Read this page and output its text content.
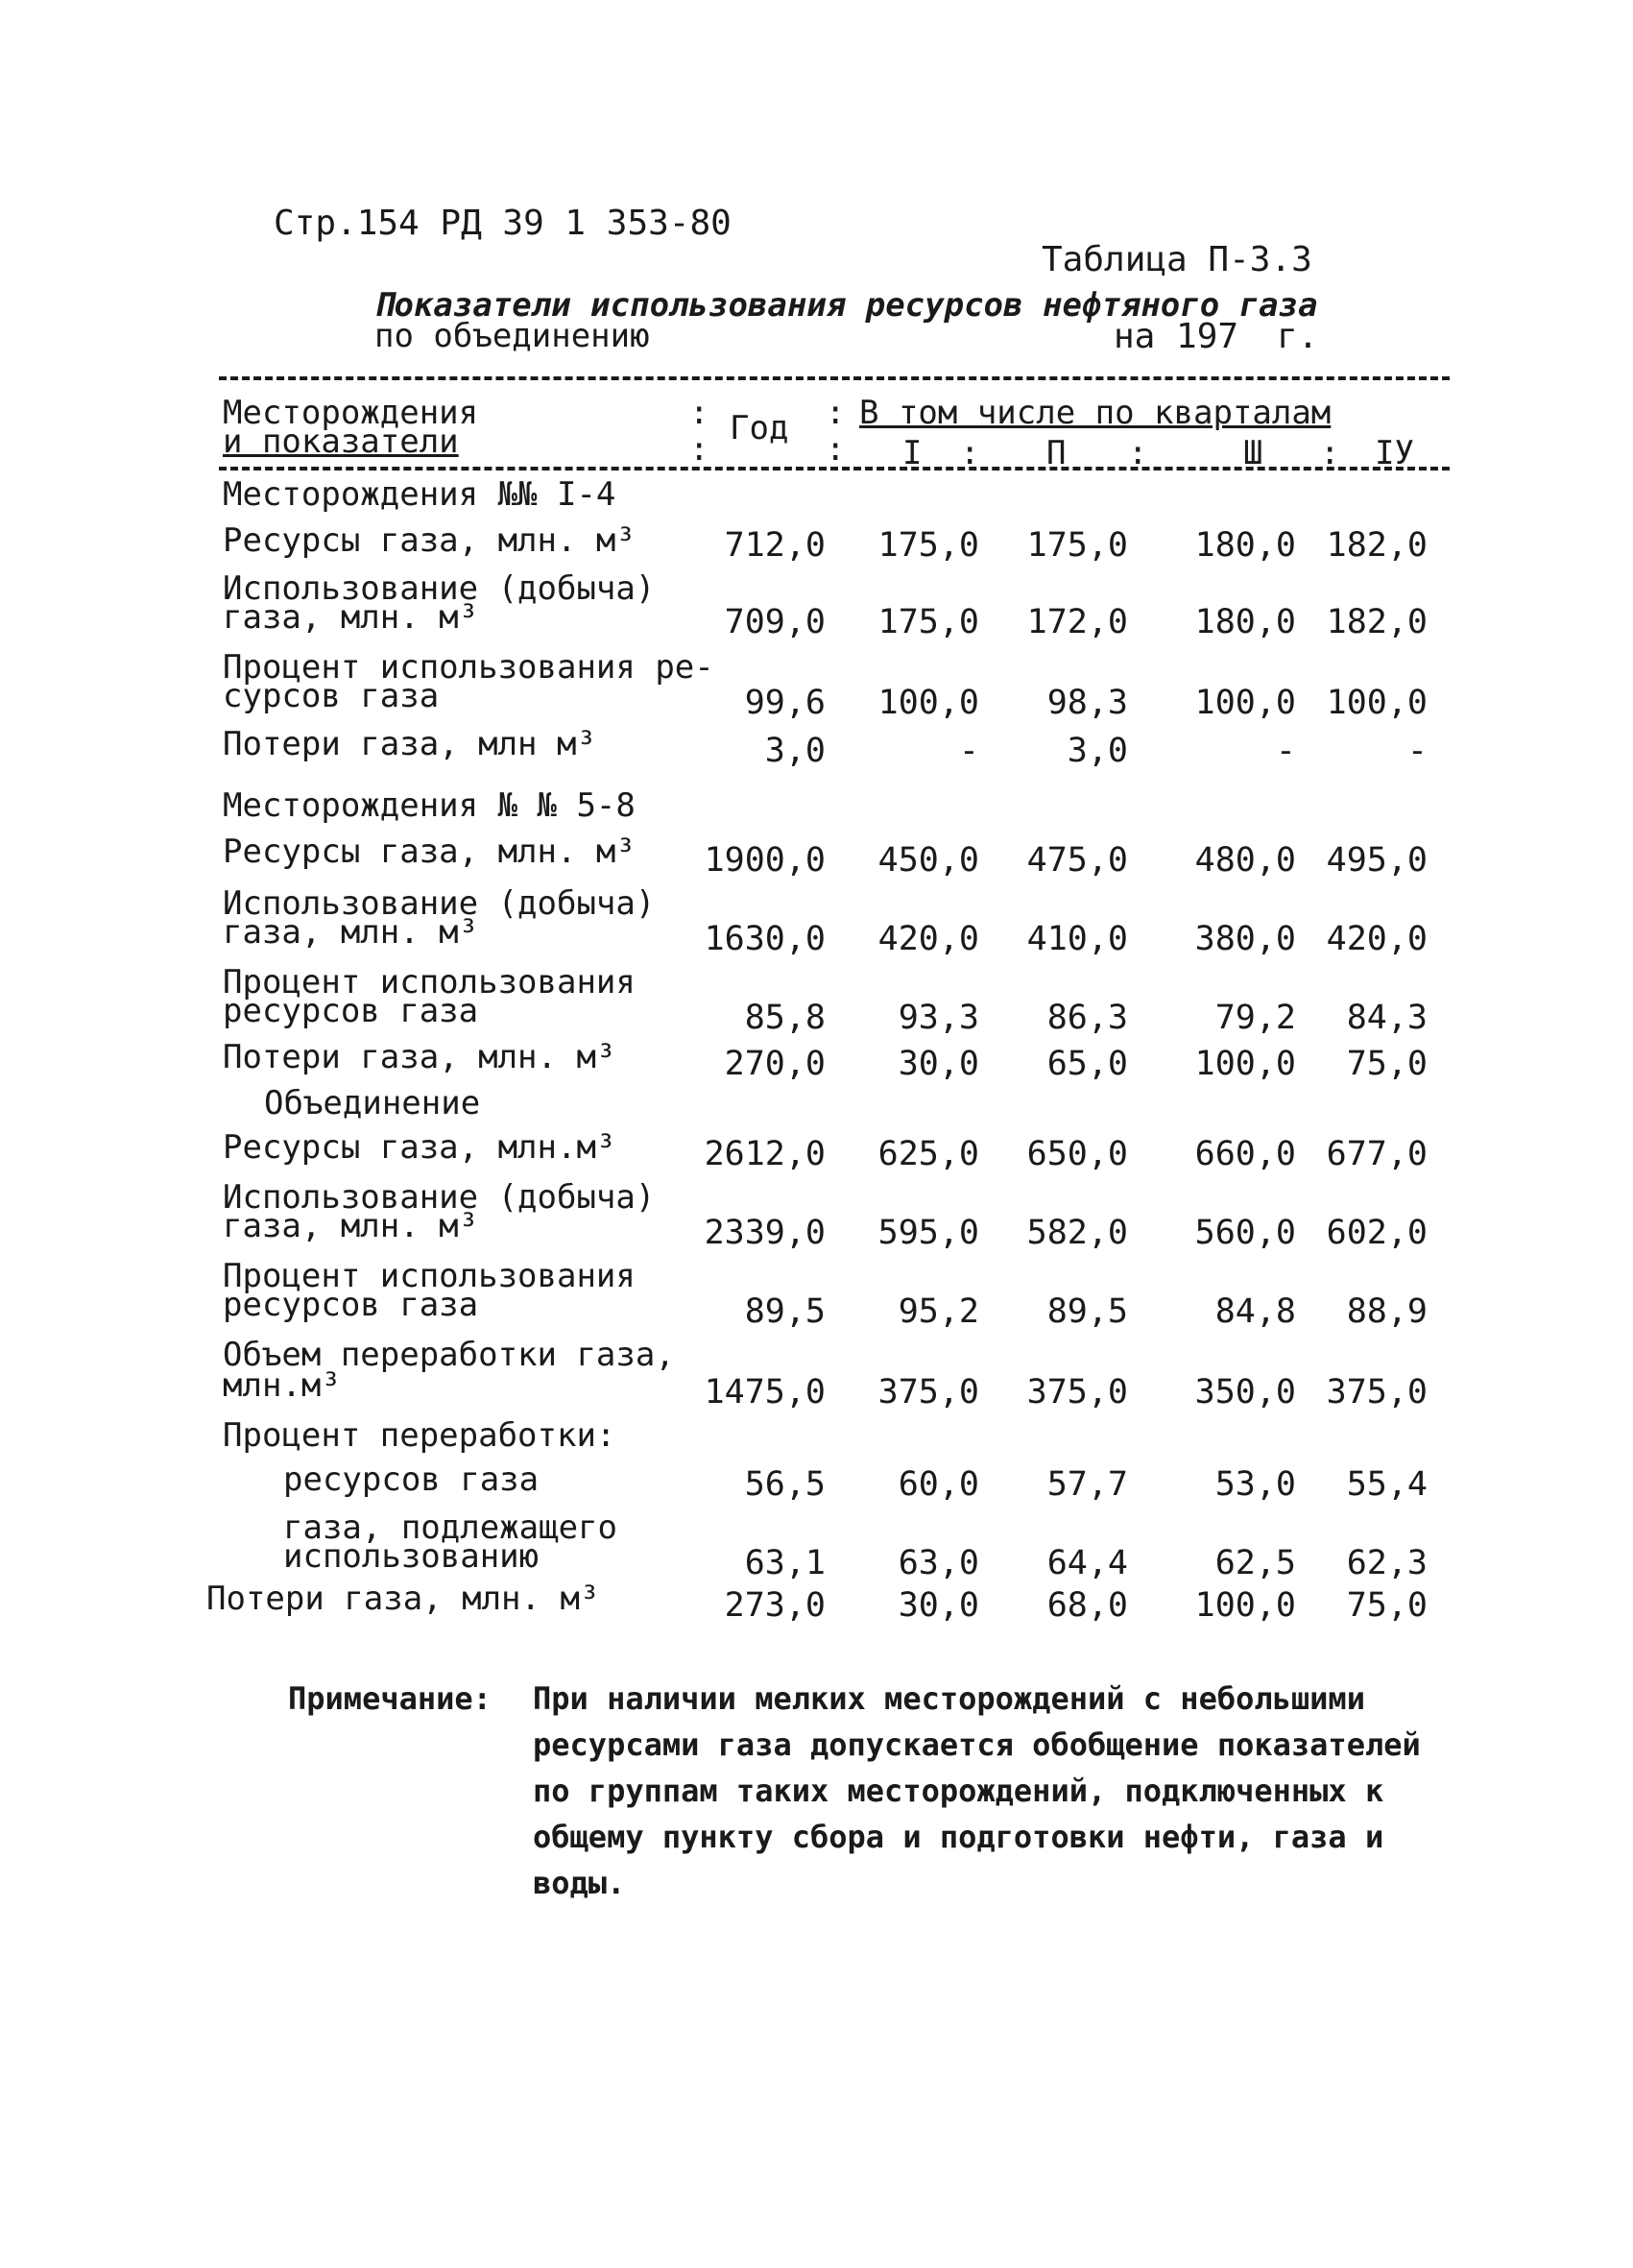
Стр.154 РД 39 1 353-80
Таблица П-3.3
Показатели использования ресурсов нефтяного газа
по объединению	на 197 г.
Месторождения
и показатели
:
:
Год :
:
В том числе по кварталам
I : П :	Ш : IУ
Месторождения №№ I-4
Ресурсы газа, млн. м³	712,0	175,0	175,0	180,0 182,0
Использование (добыча)
газа, млн. м³	709,0	175,0	172,0	180,0 182,0
Процент использования ре-
сурсов газа	99,6	100,0	98,3	100,0 100,0
Потери газа, млн м³	3,0	-	3,0	-	-
Месторождения № № 5-8
Ресурсы газа, млн. м³	1900,0	450,0	475,0	480,0 495,0
Использование (добыча)
газа, млн. м³	1630,0	420,0	410,0	380,0 420,0
Процент использования
ресурсов газа	85,8	93,3	86,3	79,2	84,3
Потери газа, млн. м³	270,0	30,0	65,0	100,0	75,0
Объединение
Ресурсы газа, млн.м³	2612,0	625,0	650,0	660,0 677,0
Использование (добыча)
газа, млн. м³	2339,0	595,0	582,0	560,0 602,0
Процент использования
ресурсов газа	89,5	95,2	89,5	84,8	88,9
Объем переработки газа,
млн.м³	1475,0	375,0	375,0	350,0 375,0
Процент переработки:
ресурсов газа	56,5	60,0	57,7	53,0	55,4
газа, подлежащего
использованию	63,1	63,0	64,4	62,5	62,3
Потери газа, млн. м³	273,0	30,0	68,0	100,0	75,0
Примечание: При наличии мелких месторождений с небольшими
ресурсами газа допускается обобщение показателей
по группам таких месторождений, подключенных к
общему пункту сбора и подготовки нефти, газа и
воды.
